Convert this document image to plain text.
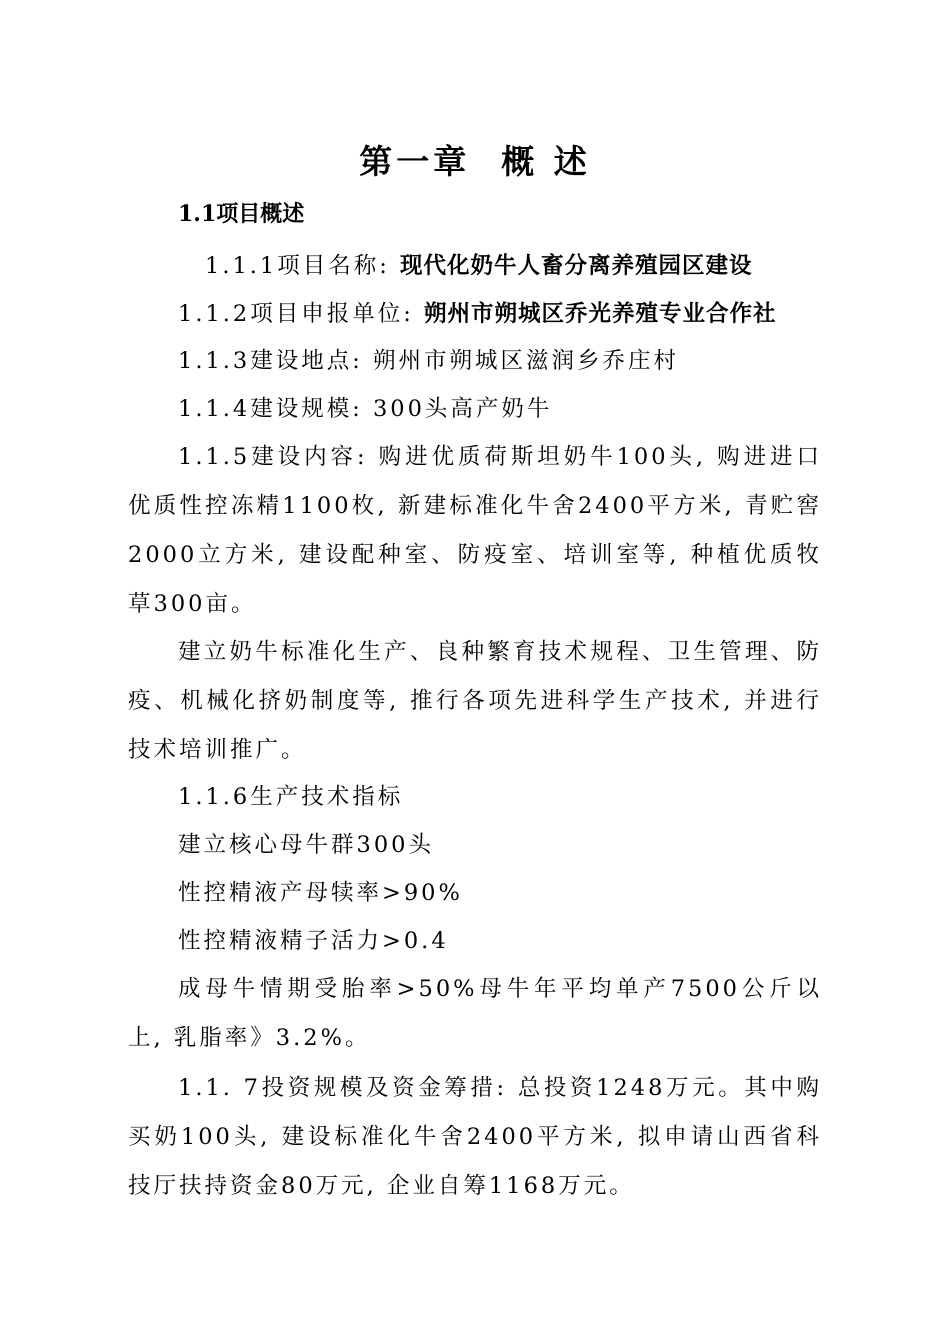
第一章  概 述
1.1项目概述
1.1.1项目名称: 现代化奶牛人畜分离养殖园区建设
1.1.2项目申报单位: 朔州市朔城区乔光养殖专业合作社
1.1.3建设地点: 朔州市朔城区滋润乡乔庄村
1.1.4建设规模: 300头高产奶牛
1.1.5建设内容: 购进优质荷斯坦奶牛100头, 购进进口优质性控冻精1100枚, 新建标准化牛舍2400平方米, 青贮窖2000立方米, 建设配种室、防疫室、培训室等, 种植优质牧草300亩。
建立奶牛标准化生产、良种繁育技术规程、卫生管理、防疫、机械化挤奶制度等, 推行各项先进科学生产技术, 并进行技术培训推广。
1.1.6生产技术指标
建立核心母牛群300头
性控精液产母犊率>90%
性控精液精子活力>0.4
成母牛情期受胎率>50%母牛年平均单产7500公斤以上, 乳脂率》3.2%。
1.1. 7投资规模及资金筹措: 总投资1248万元。其中购买奶100头, 建设标准化牛舍2400平方米, 拟申请山西省科技厅扶持资金80万元, 企业自筹1168万元。
